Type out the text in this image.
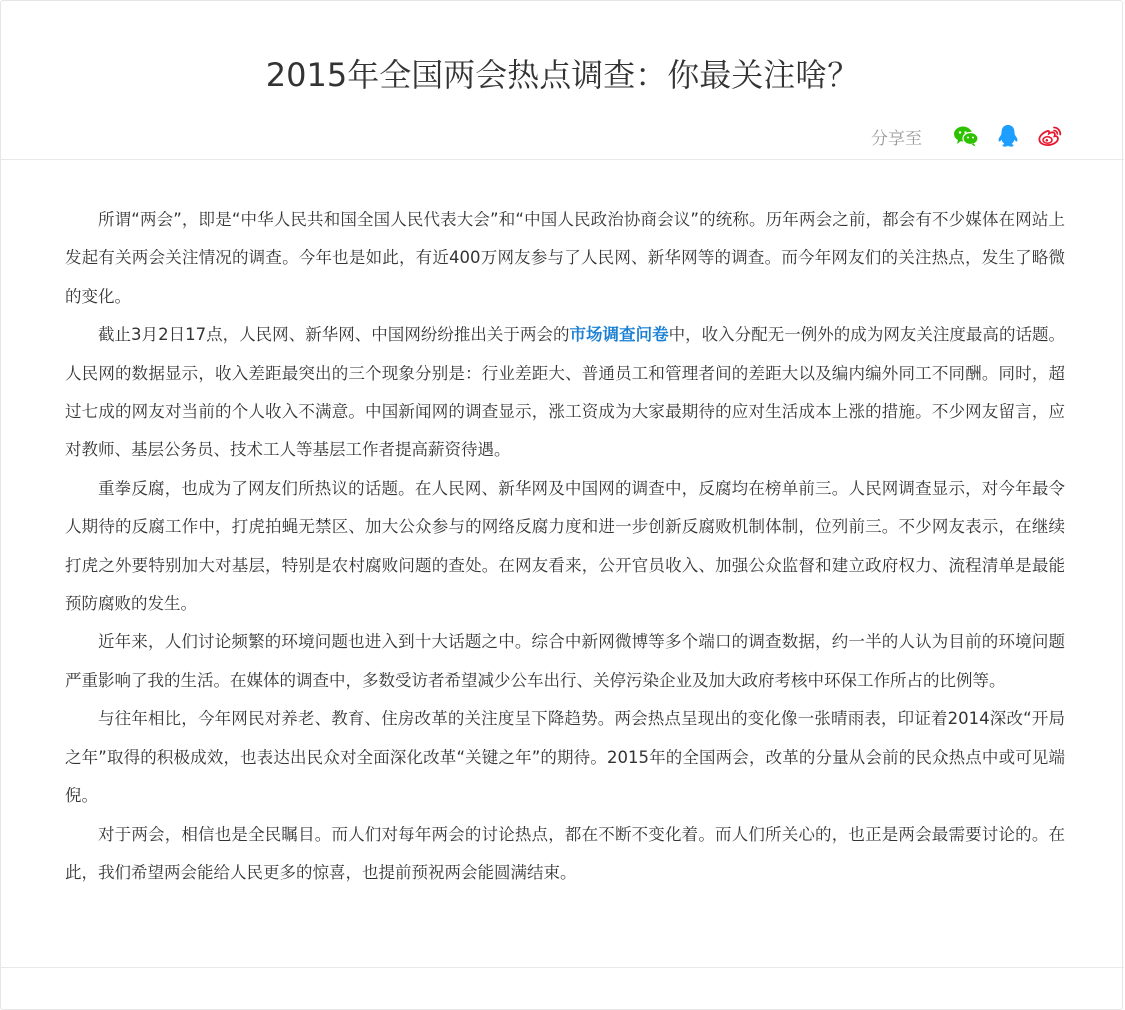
2015年全国两会热点调查：你最关注啥？
分享至

所谓“两会”，即是“中华人民共和国全国人民代表大会”和“中国人民政治协商会议”的统称。历年两会之前，都会有不少媒体在网站上发起有关两会关注情况的调查。今年也是如此，有近400万网友参与了人民网、新华网等的调查。而今年网友们的关注热点，发生了略微的变化。

截止3月2日17点，人民网、新华网、中国网纷纷推出关于两会的市场调查问卷中，收入分配无一例外的成为网友关注度最高的话题。人民网的数据显示，收入差距最突出的三个现象分别是：行业差距大、普通员工和管理者间的差距大以及编内编外同工不同酬。同时，超过七成的网友对当前的个人收入不满意。中国新闻网的调查显示，涨工资成为大家最期待的应对生活成本上涨的措施。不少网友留言，应对教师、基层公务员、技术工人等基层工作者提高薪资待遇。

重拳反腐，也成为了网友们所热议的话题。在人民网、新华网及中国网的调查中，反腐均在榜单前三。人民网调查显示，对今年最令人期待的反腐工作中，打虎拍蝇无禁区、加大公众参与的网络反腐力度和进一步创新反腐败机制体制，位列前三。不少网友表示，在继续打虎之外要特别加大对基层，特别是农村腐败问题的查处。在网友看来，公开官员收入、加强公众监督和建立政府权力、流程清单是最能预防腐败的发生。

近年来，人们讨论频繁的环境问题也进入到十大话题之中。综合中新网微博等多个端口的调查数据，约一半的人认为目前的环境问题严重影响了我的生活。在媒体的调查中，多数受访者希望减少公车出行、关停污染企业及加大政府考核中环保工作所占的比例等。

与往年相比，今年网民对养老、教育、住房改革的关注度呈下降趋势。两会热点呈现出的变化像一张晴雨表，印证着2014深改“开局之年”取得的积极成效，也表达出民众对全面深化改革“关键之年”的期待。2015年的全国两会，改革的分量从会前的民众热点中或可见端倪。

对于两会，相信也是全民瞩目。而人们对每年两会的讨论热点，都在不断不变化着。而人们所关心的，也正是两会最需要讨论的。在此，我们希望两会能给人民更多的惊喜，也提前预祝两会能圆满结束。
